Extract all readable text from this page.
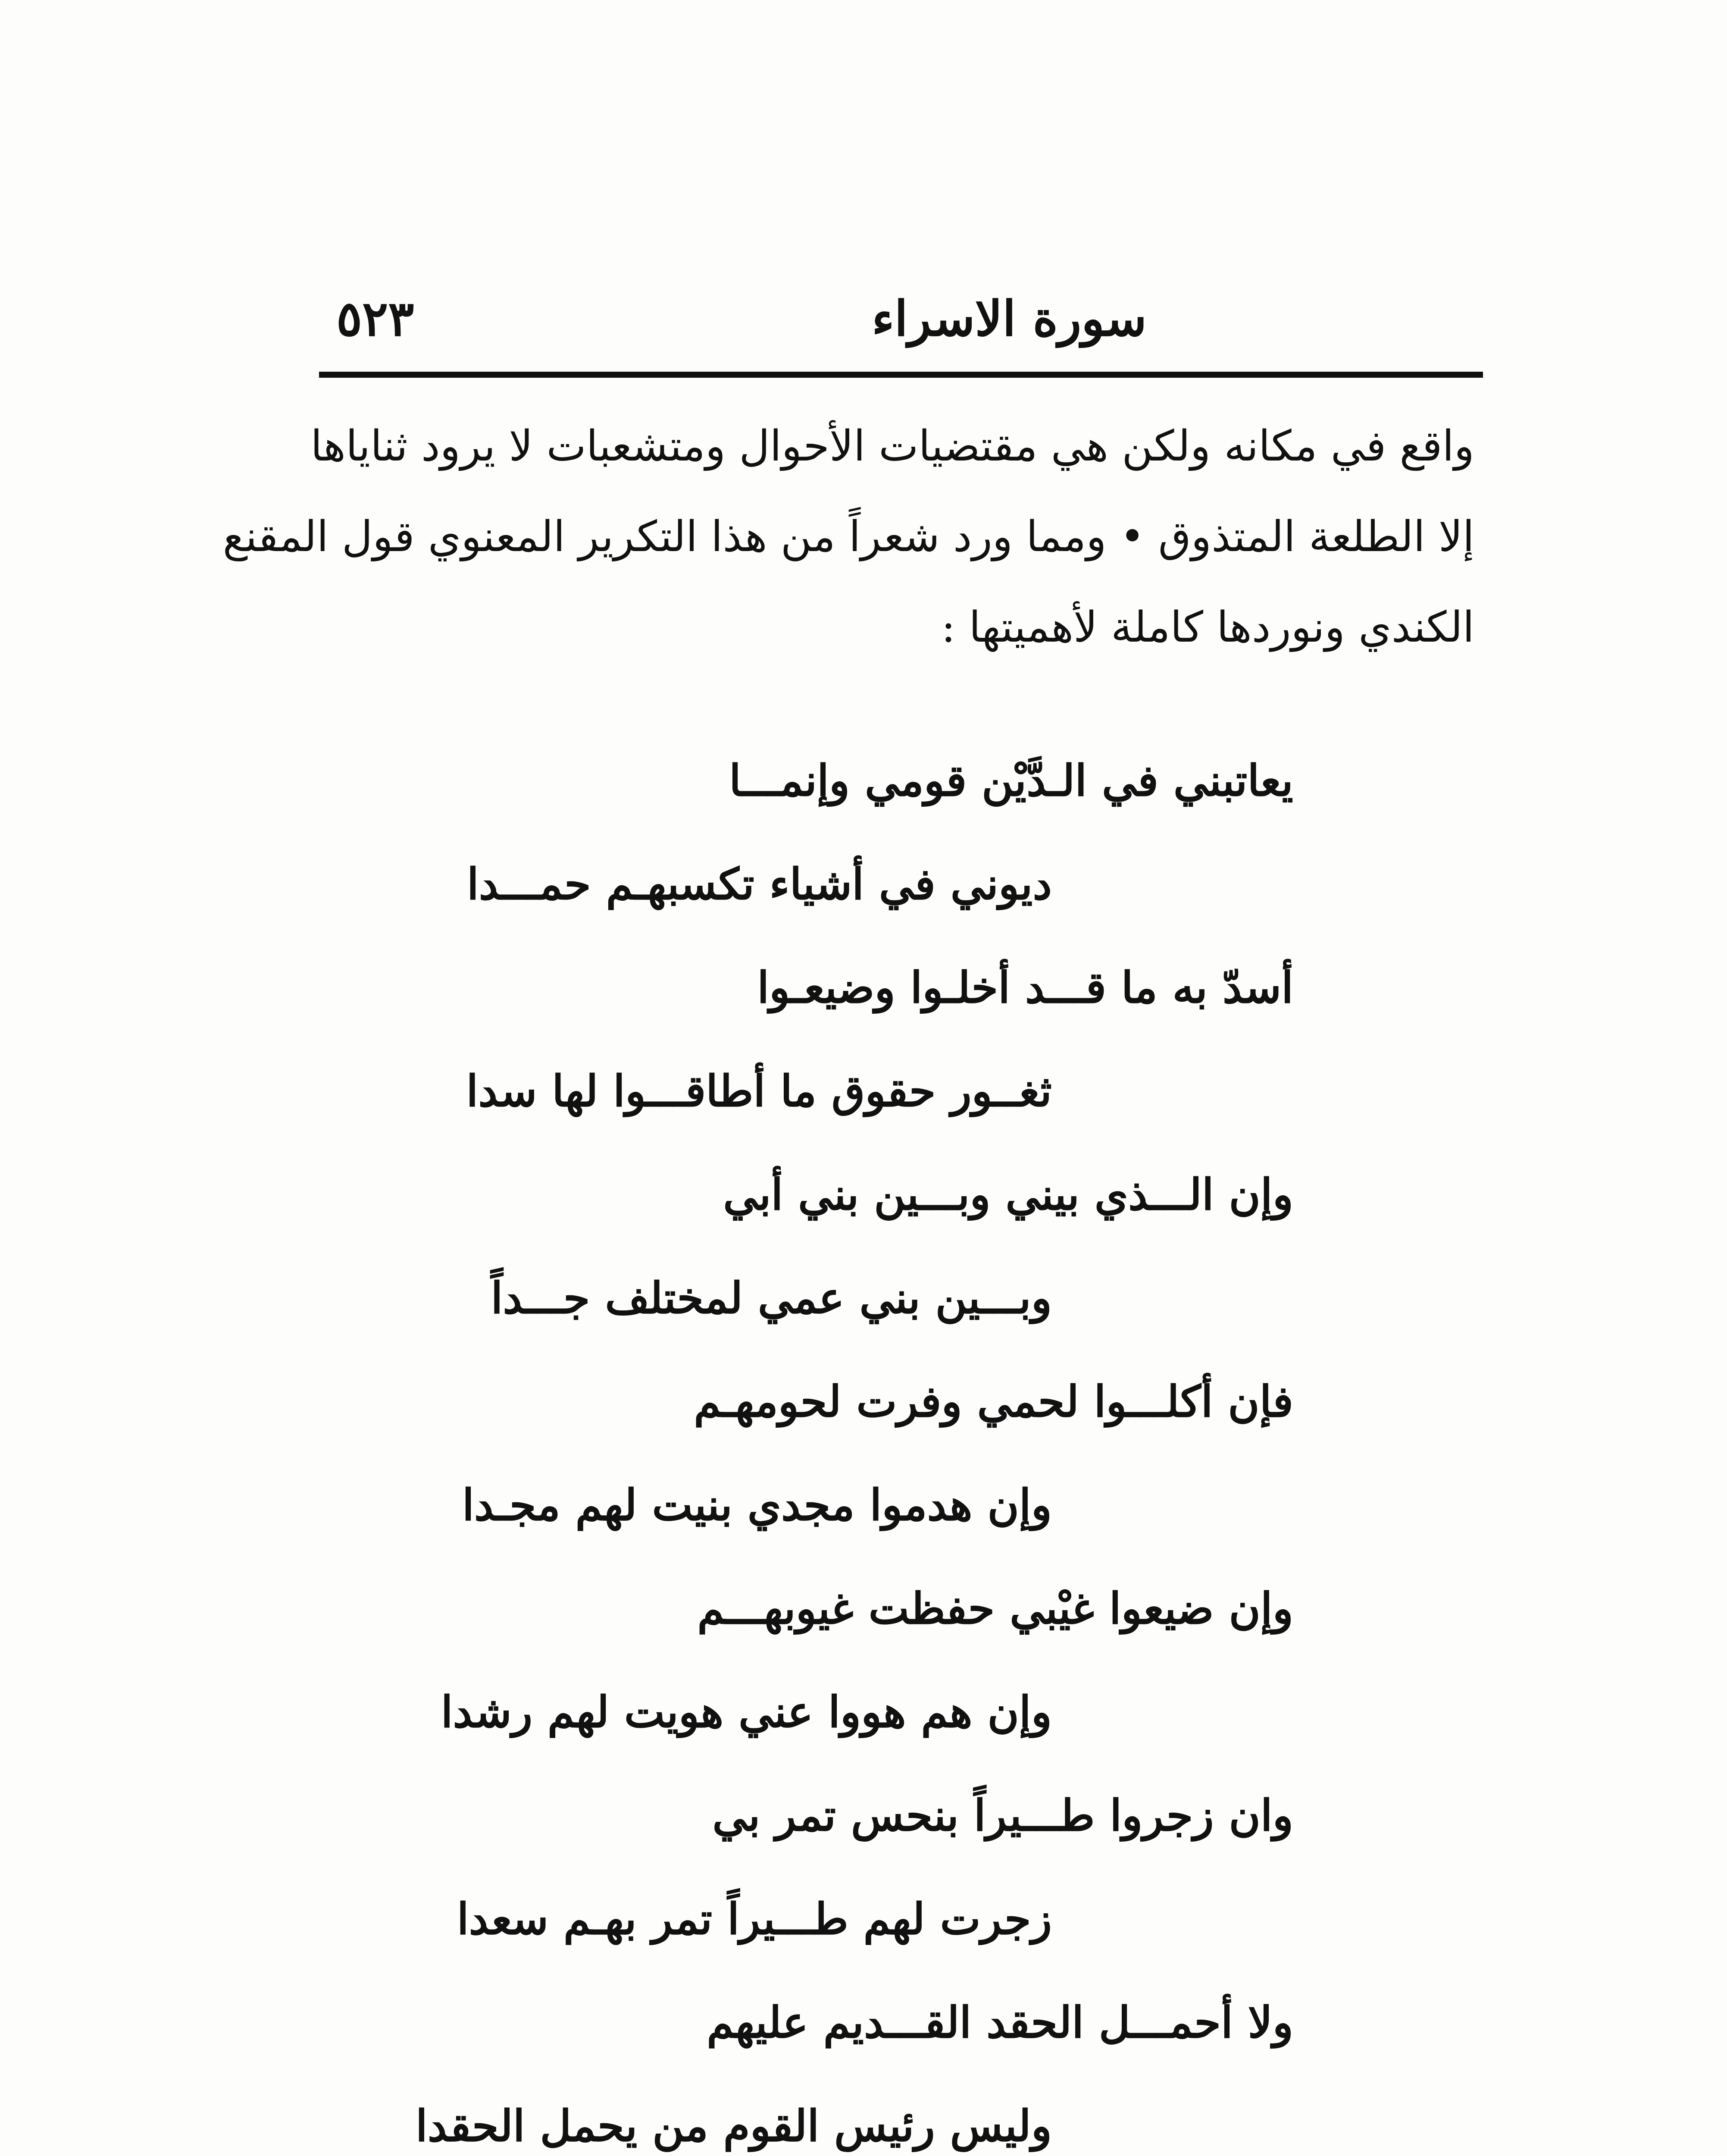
سورة الاسراء
٥٢٣
واقع في مكانه ولكن هي مقتضيات الأحوال ومتشعبات لا يرود ثناياها
إلا الطلعة المتذوق • ومما ورد شعراً من هذا التكرير المعنوي قول المقنع
الكندي ونوردها كاملة لأهميتها :
يعاتبني في الـدَّيْن قومي وإنمـــا
ديوني في أشياء تكسبهـم حمـــدا
أسدّ به ما قـــد أخلـوا وضيعـوا
ثغــور حقوق ما أطاقـــوا لها سدا
وإن الـــذي بيني وبـــين بني أبي
وبـــين بني عمي لمختلف جـــداً
فإن أكلـــوا لحمي وفرت لحومهـم
وإن هدموا مجدي بنيت لهم مجـدا
وإن ضيعوا غيْبي حفظت غيوبهـــم
وإن هم هووا عني هويت لهم رشدا
وان زجروا طـــيراً بنحس تمر بي
زجرت لهم طـــيراً تمر بهـم سعدا
ولا أحمـــل الحقد القـــديم عليهم
وليس رئيس القوم من يحمل الحقدا
